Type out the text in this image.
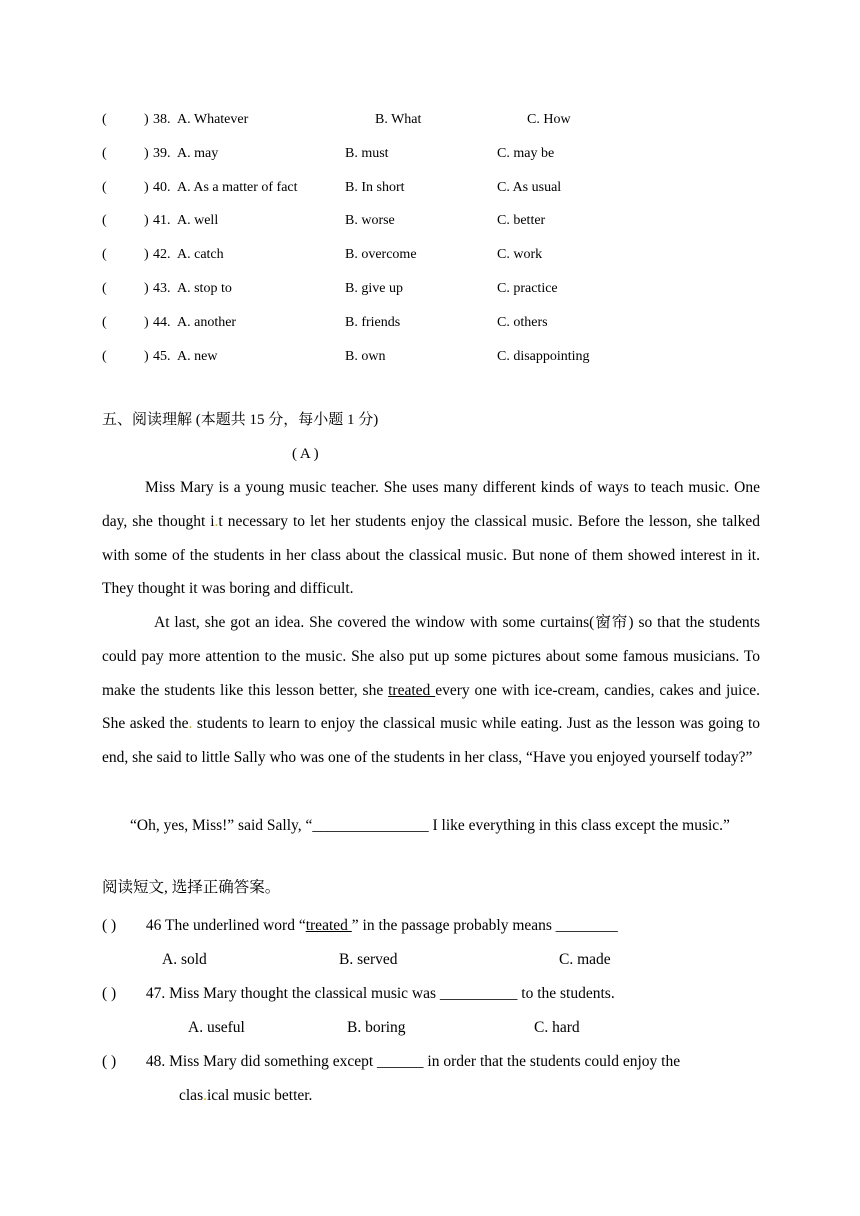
(	) 38. A. Whatever	B. What	C. How
(	) 39. A. may	B. must	C. may be
(	) 40. A. As a matter of fact	B. In short	C. As usual
(	) 41. A. well	B. worse	C. better
(	) 42. A. catch	B. overcome	C. work
(	) 43. A. stop to	B. give up	C. practice
(	) 44. A. another	B. friends	C. others
(	) 45. A. new	B. own	C. disappointing
五、阅读理解 (本题共 15 分，每小题 1 分)
( A )

Miss Mary is a young music teacher. She uses many different kinds of ways to teach music. One day, she thought i.t necessary to let her students enjoy the classical music. Before the lesson, she talked with some of the students in her class about the classical music. But none of them showed interest in it. They thought it was boring and difficult.

At last, she got an idea. She covered the window with some curtains(窗帘) so that the students could pay more attention to the music. She also put up some pictures about some famous musicians. To make the students like this lesson better, she treated every one with ice-cream, candies, cakes and juice. She asked the. students to learn to enjoy the classical music while eating. Just as the lesson was going to end, she said to little Sally who was one of the students in her class, “Have you enjoyed yourself today?”

“Oh, yes, Miss!” said Sally, “_______________ I like everything in this class except the music.”

阅读短文, 选择正确答案。
( ) 46 The underlined word “treated ” in the passage probably means ________
A. sold	B. served	C. made
( ) 47. Miss Mary thought the classical music was __________ to the students.
A. useful	B. boring	C. hard
( ) 48. Miss Mary did something except ______ in order that the students could enjoy the
clas.ical music better.
